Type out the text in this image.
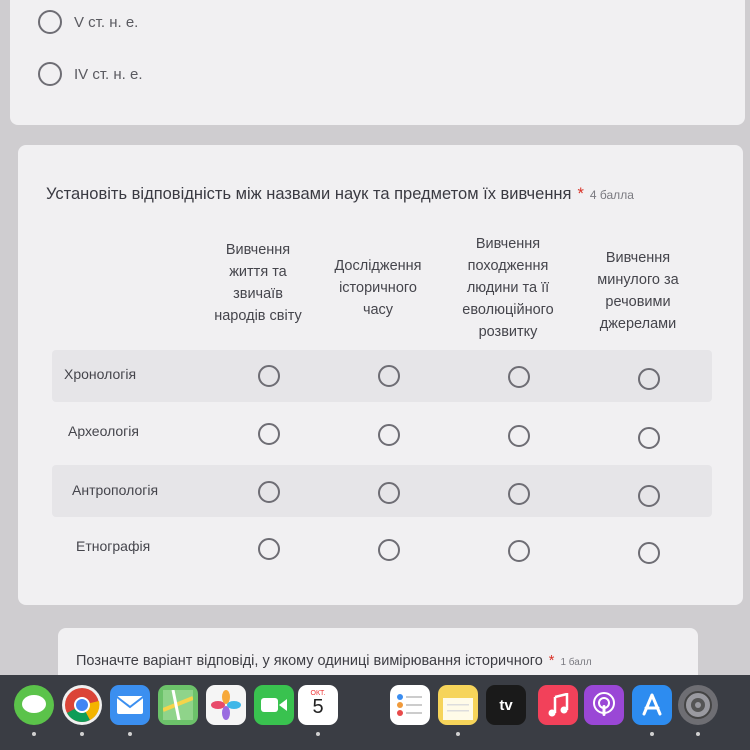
V ст. н. е.
IV ст. н. е.
Установіть відповідність між назвами наук та предметом їх вивчення * 4 балла
Вивчення
життя та
звичаїв
народів світу
Дослідження
історичного
часу
Вивчення
походження
людини та її
еволюційного
розвитку
Вивчення
минулого за
речовими
джерелами
Хронологія
Археологія
Антропологія
Етнографія
Позначте варіант відповіді, у якому одиниці вимірювання історичного * 1 балл
ОКТ.
5	tv
